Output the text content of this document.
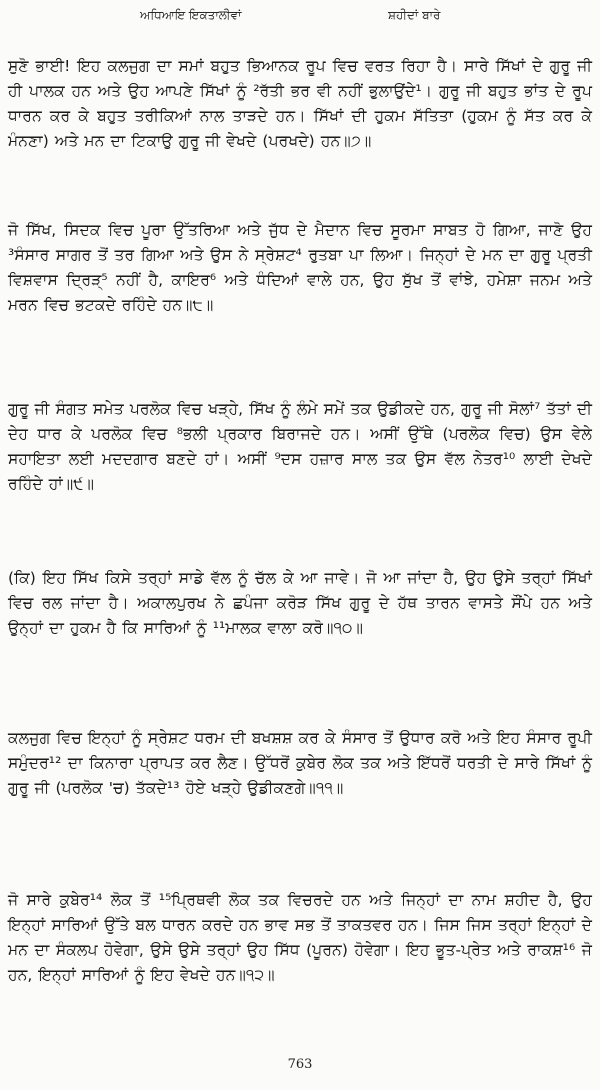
ਅਧਿਆਇ ਇਕਤਾਲੀਵਾਂ	ਸ਼ਹੀਦਾਂ ਬਾਰੇ

ਸੁਣੋ ਭਾਈ! ਇਹ ਕਲਜੁਗ ਦਾ ਸਮਾਂ ਬਹੁਤ ਭਿਆਨਕ ਰੂਪ ਵਿਚ ਵਰਤ ਰਿਹਾ ਹੈ। ਸਾਰੇ ਸਿੱਖਾਂ ਦੇ ਗੁਰੂ ਜੀ ਹੀ ਪਾਲਕ ਹਨ ਅਤੇ ਉਹ ਆਪਣੇ ਸਿੱਖਾਂ ਨੂੰ ²ਰੱਤੀ ਭਰ ਵੀ ਨਹੀਂ ਭੁਲਾਉਂਦੇ¹। ਗੁਰੂ ਜੀ ਬਹੁਤ ਭਾਂਤ ਦੇ ਰੂਪ ਧਾਰਨ ਕਰ ਕੇ ਬਹੁਤ ਤਰੀਕਿਆਂ ਨਾਲ ਤਾੜਦੇ ਹਨ। ਸਿੱਖਾਂ ਦੀ ਹੁਕਮ ਸੱਤਿਤਾ (ਹੁਕਮ ਨੂੰ ਸੱਤ ਕਰ ਕੇ ਮੰਨਣਾ) ਅਤੇ ਮਨ ਦਾ ਟਿਕਾਉ ਗੁਰੂ ਜੀ ਵੇਖਦੇ (ਪਰਖਦੇ) ਹਨ॥੭॥

ਜੋ ਸਿੱਖ, ਸਿਦਕ ਵਿਚ ਪੂਰਾ ਉੱਤਰਿਆ ਅਤੇ ਜੁੱਧ ਦੇ ਮੈਦਾਨ ਵਿਚ ਸੂਰਮਾ ਸਾਬਤ ਹੋ ਗਿਆ, ਜਾਣੋ ਉਹ ³ਸੰਸਾਰ ਸਾਗਰ ਤੋਂ ਤਰ ਗਿਆ ਅਤੇ ਉਸ ਨੇ ਸ੍ਰੇਸ਼ਟ⁴ ਰੁਤਬਾ ਪਾ ਲਿਆ। ਜਿਨ੍ਹਾਂ ਦੇ ਮਨ ਦਾ ਗੁਰੂ ਪ੍ਰਤੀ ਵਿਸ਼ਵਾਸ ਦ੍ਰਿੜ੍⁵ ਨਹੀਂ ਹੈ, ਕਾਇਰ⁶ ਅਤੇ ਧੰਦਿਆਂ ਵਾਲੇ ਹਨ, ਉਹ ਸੁੱਖ ਤੋਂ ਵਾਂਝੇ, ਹਮੇਸ਼ਾ ਜਨਮ ਅਤੇ ਮਰਨ ਵਿਚ ਭਟਕਦੇ ਰਹਿੰਦੇ ਹਨ॥੮॥

ਗੁਰੂ ਜੀ ਸੰਗਤ ਸਮੇਤ ਪਰਲੋਕ ਵਿਚ ਖੜ੍ਹੇ, ਸਿੱਖ ਨੂੰ ਲੰਮੇ ਸਮੇਂ ਤਕ ਉਡੀਕਦੇ ਹਨ, ਗੁਰੂ ਜੀ ਸੋਲਾਂ⁷ ਤੱਤਾਂ ਦੀ ਦੇਹ ਧਾਰ ਕੇ ਪਰਲੋਕ ਵਿਚ ⁸ਭਲੀ ਪ੍ਰਕਾਰ ਬਿਰਾਜਦੇ ਹਨ। ਅਸੀਂ ਉੱਥੇ (ਪਰਲੋਕ ਵਿਚ) ਉਸ ਵੇਲੇ ਸਹਾਇਤਾ ਲਈ ਮਦਦਗਾਰ ਬਣਦੇ ਹਾਂ। ਅਸੀਂ ⁹ਦਸ ਹਜ਼ਾਰ ਸਾਲ ਤਕ ਉਸ ਵੱਲ ਨੇਤਰ¹⁰ ਲਾਈ ਦੇਖਦੇ ਰਹਿੰਦੇ ਹਾਂ॥੯॥

(ਕਿ) ਇਹ ਸਿੱਖ ਕਿਸੇ ਤਰ੍ਹਾਂ ਸਾਡੇ ਵੱਲ ਨੂੰ ਚੱਲ ਕੇ ਆ ਜਾਵੇ। ਜੋ ਆ ਜਾਂਦਾ ਹੈ, ਉਹ ਉਸੇ ਤਰ੍ਹਾਂ ਸਿੱਖਾਂ ਵਿਚ ਰਲ ਜਾਂਦਾ ਹੈ। ਅਕਾਲਪੁਰਖ ਨੇ ਛਪੰਜਾ ਕਰੋੜ ਸਿੱਖ ਗੁਰੂ ਦੇ ਹੱਥ ਤਾਰਨ ਵਾਸਤੇ ਸੌਂਪੇ ਹਨ ਅਤੇ ਉਨ੍ਹਾਂ ਦਾ ਹੁਕਮ ਹੈ ਕਿ ਸਾਰਿਆਂ ਨੂੰ ¹¹ਮਾਲਕ ਵਾਲਾ ਕਰੋ॥੧੦॥

ਕਲਜੁਗ ਵਿਚ ਇਨ੍ਹਾਂ ਨੂੰ ਸ੍ਰੇਸ਼ਟ ਧਰਮ ਦੀ ਬਖਸ਼ਸ਼ ਕਰ ਕੇ ਸੰਸਾਰ ਤੋਂ ਉਧਾਰ ਕਰੋ ਅਤੇ ਇਹ ਸੰਸਾਰ ਰੂਪੀ ਸਮੁੰਦਰ¹² ਦਾ ਕਿਨਾਰਾ ਪ੍ਰਾਪਤ ਕਰ ਲੈਣ। ਉੱਧਰੋਂ ਕੁਬੇਰ ਲੋਕ ਤਕ ਅਤੇ ਇੱਧਰੋਂ ਧਰਤੀ ਦੇ ਸਾਰੇ ਸਿੱਖਾਂ ਨੂੰ ਗੁਰੂ ਜੀ (ਪਰਲੋਕ 'ਚ) ਤੱਕਦੇ¹³ ਹੋਏ ਖੜ੍ਹੇ ਉਡੀਕਣਗੇ॥੧੧॥

ਜੋ ਸਾਰੇ ਕੁਬੇਰ¹⁴ ਲੋਕ ਤੋਂ ¹⁵ਪ੍ਰਿਥਵੀ ਲੋਕ ਤਕ ਵਿਚਰਦੇ ਹਨ ਅਤੇ ਜਿਨ੍ਹਾਂ ਦਾ ਨਾਮ ਸ਼ਹੀਦ ਹੈ, ਉਹ ਇਨ੍ਹਾਂ ਸਾਰਿਆਂ ਉੱਤੇ ਬਲ ਧਾਰਨ ਕਰਦੇ ਹਨ ਭਾਵ ਸਭ ਤੋਂ ਤਾਕਤਵਰ ਹਨ। ਜਿਸ ਜਿਸ ਤਰ੍ਹਾਂ ਇਨ੍ਹਾਂ ਦੇ ਮਨ ਦਾ ਸੰਕਲਪ ਹੋਵੇਗਾ, ਉਸੇ ਉਸੇ ਤਰ੍ਹਾਂ ਉਹ ਸਿੱਧ (ਪੂਰਨ) ਹੋਵੇਗਾ। ਇਹ ਭੂਤ-ਪ੍ਰੇਤ ਅਤੇ ਰਾਕਸ਼¹⁶ ਜੋ ਹਨ, ਇਨ੍ਹਾਂ ਸਾਰਿਆਂ ਨੂੰ ਇਹ ਵੇਖਦੇ ਹਨ॥੧੨॥

763
